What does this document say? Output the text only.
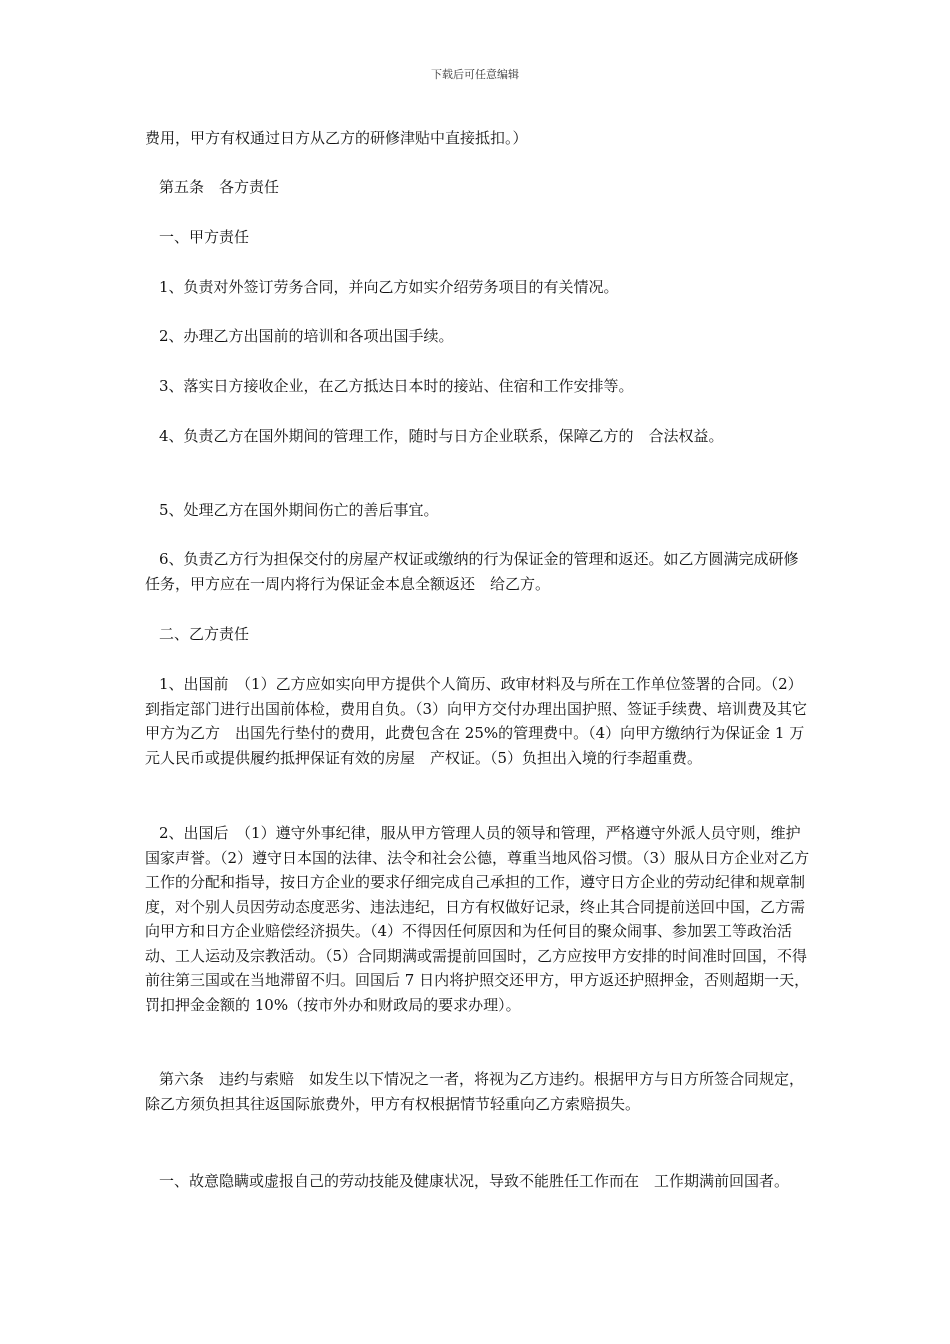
下载后可任意编辑

费用，甲方有权通过日方从乙方的研修津贴中直接抵扣。）

第五条　各方责任

一、甲方责任

1、负责对外签订劳务合同，并向乙方如实介绍劳务项目的有关情况。

2、办理乙方出国前的培训和各项出国手续。

3、落实日方接收企业，在乙方抵达日本时的接站、住宿和工作安排等。

4、负责乙方在国外期间的管理工作，随时与日方企业联系，保障乙方的　合法权益。

5、处理乙方在国外期间伤亡的善后事宜。

6、负责乙方行为担保交付的房屋产权证或缴纳的行为保证金的管理和返还。如乙方圆满完成研修任务，甲方应在一周内将行为保证金本息全额返还　给乙方。

二、乙方责任

1、出国前　（1）乙方应如实向甲方提供个人简历、政审材料及与所在工作单位签署的合同。（2）到指定部门进行出国前体检，费用自负。（3）向甲方交付办理出国护照、签证手续费、培训费及其它甲方为乙方　出国先行垫付的费用，此费包含在 25%的管理费中。（4）向甲方缴纳行为保证金 1 万元人民币或提供履约抵押保证有效的房屋　产权证。（5）负担出入境的行李超重费。

2、出国后　（1）遵守外事纪律，服从甲方管理人员的领导和管理，严格遵守外派人员守则，维护国家声誉。（2）遵守日本国的法律、法令和社会公德，尊重当地风俗习惯。（3）服从日方企业对乙方工作的分配和指导，按日方企业的要求仔细完成自己承担的工作，遵守日方企业的劳动纪律和规章制度，对个别人员因劳动态度恶劣、违法违纪，日方有权做好记录，终止其合同提前送回中国，乙方需　向甲方和日方企业赔偿经济损失。（4）不得因任何原因和为任何目的聚众闹事、参加罢工等政治活动、工人运动及宗教活动。（5）合同期满或需提前回国时，乙方应按甲方安排的时间准时回国，不得前往第三国或在当地滞留不归。回国后 7 日内将护照交还甲方，甲方返还护照押金，否则超期一天，罚扣押金金额的 10%（按市外办和财政局的要求办理）。

第六条　违约与索赔　如发生以下情况之一者，将视为乙方违约。根据甲方与日方所签合同规定，　除乙方须负担其往返国际旅费外，甲方有权根据情节轻重向乙方索赔损失。

一、故意隐瞒或虚报自己的劳动技能及健康状况，导致不能胜任工作而在　工作期满前回国者。
